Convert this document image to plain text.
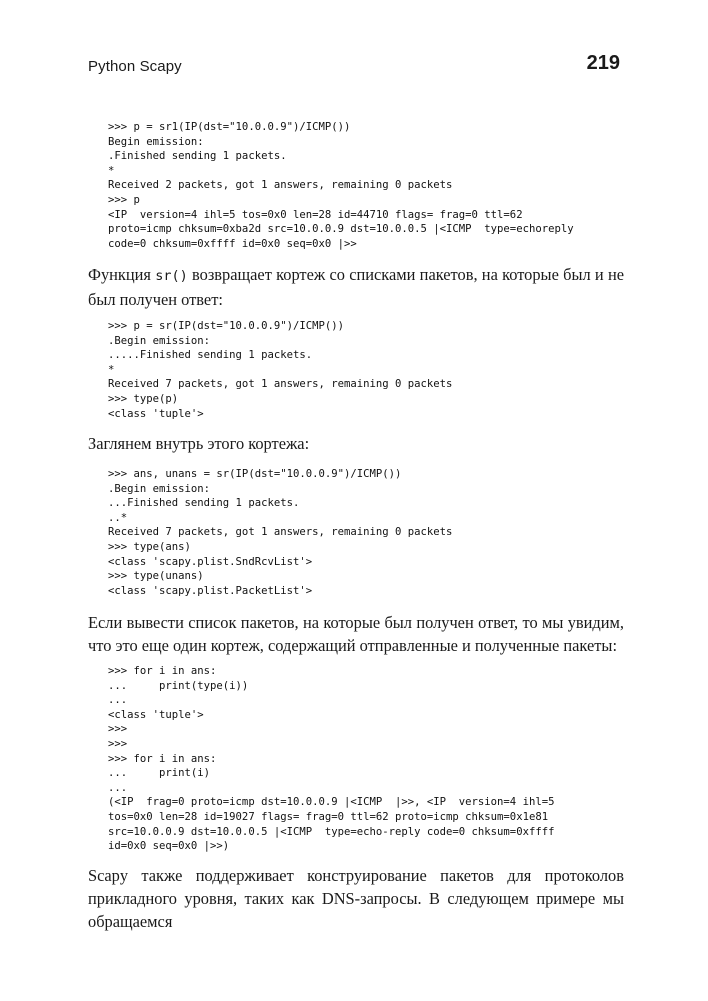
Python Scapy	219
>>> p = sr1(IP(dst="10.0.0.9")/ICMP())
Begin emission:
.Finished sending 1 packets.
*
Received 2 packets, got 1 answers, remaining 0 packets
>>> p
<IP  version=4 ihl=5 tos=0x0 len=28 id=44710 flags= frag=0 ttl=62
proto=icmp chksum=0xba2d src=10.0.0.9 dst=10.0.0.5 |<ICMP  type=echoreply
code=0 chksum=0xffff id=0x0 seq=0x0 |>>

Функция sr() возвращает кортеж со списками пакетов, на которые был и не был получен ответ:

>>> p = sr(IP(dst="10.0.0.9")/ICMP())
.Begin emission:
.....Finished sending 1 packets.
*
Received 7 packets, got 1 answers, remaining 0 packets
>>> type(p)
<class 'tuple'>

Заглянем внутрь этого кортежа:

>>> ans, unans = sr(IP(dst="10.0.0.9")/ICMP())
.Begin emission:
...Finished sending 1 packets.
..*
Received 7 packets, got 1 answers, remaining 0 packets
>>> type(ans)
<class 'scapy.plist.SndRcvList'>
>>> type(unans)
<class 'scapy.plist.PacketList'>

Если вывести список пакетов, на которые был получен ответ, то мы увидим, что это еще один кортеж, содержащий отправленные и полученные пакеты:

>>> for i in ans:
...     print(type(i))
...
<class 'tuple'>
>>>
>>>
>>> for i in ans:
...     print(i)
...
(<IP  frag=0 proto=icmp dst=10.0.0.9 |<ICMP  |>>, <IP  version=4 ihl=5
tos=0x0 len=28 id=19027 flags= frag=0 ttl=62 proto=icmp chksum=0x1e81
src=10.0.0.9 dst=10.0.0.5 |<ICMP  type=echo-reply code=0 chksum=0xffff
id=0x0 seq=0x0 |>>)

Scapy также поддерживает конструирование пакетов для протоколов прикладного уровня, таких как DNS-запросы. В следующем примере мы обращаемся
